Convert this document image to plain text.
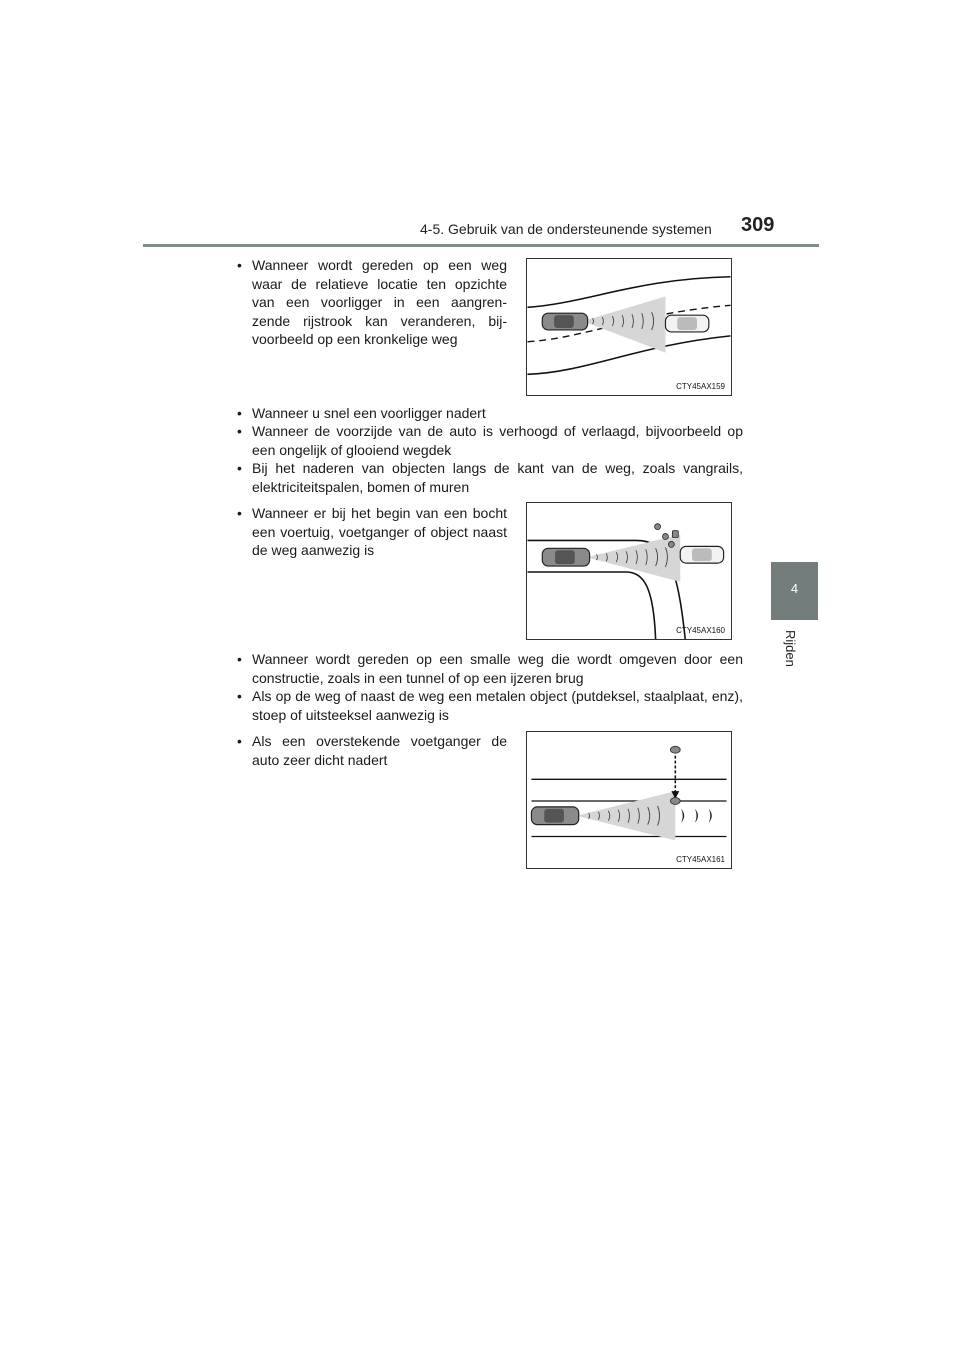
4-5. Gebruik van de ondersteunende systemen 309
4
Rijden
• Wanneer wordt gereden op een weg waar de relatieve locatie ten opzichte van een voorligger in een aangren-zende rijstrook kan veranderen, bij-voorbeeld op een kronkelige weg
CTY45AX159
• Wanneer u snel een voorligger nadert
• Wanneer de voorzijde van de auto is verhoogd of verlaagd, bijvoorbeeld op een ongelijk of glooiend wegdek
• Bij het naderen van objecten langs de kant van de weg, zoals vangrails, elektriciteitspalen, bomen of muren
• Wanneer er bij het begin van een bocht een voertuig, voetganger of object naast de weg aanwezig is
CTY45AX160
• Wanneer wordt gereden op een smalle weg die wordt omgeven door een constructie, zoals in een tunnel of op een ijzeren brug
• Als op de weg of naast de weg een metalen object (putdeksel, staalplaat, enz), stoep of uitsteeksel aanwezig is
• Als een overstekende voetganger de auto zeer dicht nadert
CTY45AX161
